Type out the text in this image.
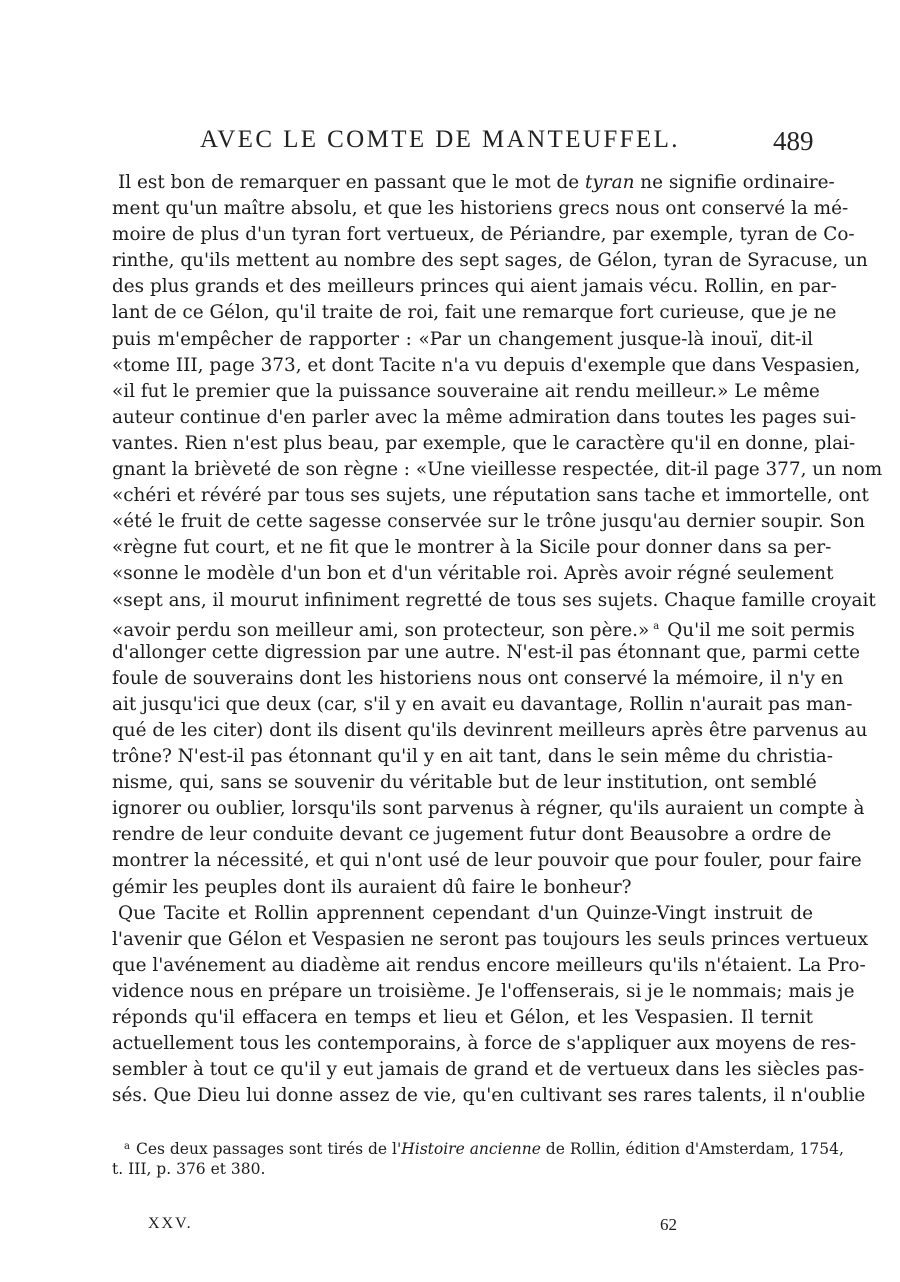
AVEC LE COMTE DE MANTEUFFEL.	489
Il est bon de remarquer en passant que le mot de tyran ne signifie ordinaire-
ment qu'un maître absolu, et que les historiens grecs nous ont conservé la mé-
moire de plus d'un tyran fort vertueux, de Périandre, par exemple, tyran de Co-
rinthe, qu'ils mettent au nombre des sept sages, de Gélon, tyran de Syracuse, un
des plus grands et des meilleurs princes qui aient jamais vécu. Rollin, en par-
lant de ce Gélon, qu'il traite de roi, fait une remarque fort curieuse, que je ne
puis m'empêcher de rapporter : «Par un changement jusque-là inouï, dit-il
«tome III, page 373, et dont Tacite n'a vu depuis d'exemple que dans Vespasien,
«il fut le premier que la puissance souveraine ait rendu meilleur.» Le même
auteur continue d'en parler avec la même admiration dans toutes les pages sui-
vantes. Rien n'est plus beau, par exemple, que le caractère qu'il en donne, plai-
gnant la brièveté de son règne : «Une vieillesse respectée, dit-il page 377, un nom
«chéri et révéré par tous ses sujets, une réputation sans tache et immortelle, ont
«été le fruit de cette sagesse conservée sur le trône jusqu'au dernier soupir. Son
«règne fut court, et ne fit que le montrer à la Sicile pour donner dans sa per-
«sonne le modèle d'un bon et d'un véritable roi. Après avoir régné seulement
«sept ans, il mourut infiniment regretté de tous ses sujets. Chaque famille croyait
«avoir perdu son meilleur ami, son protecteur, son père.» $^a$ Qu'il me soit permis
d'allonger cette digression par une autre. N'est-il pas étonnant que, parmi cette
foule de souverains dont les historiens nous ont conservé la mémoire, il n'y en
ait jusqu'ici que deux (car, s'il y en avait eu davantage, Rollin n'aurait pas man-
qué de les citer) dont ils disent qu'ils devinrent meilleurs après être parvenus au
trône? N'est-il pas étonnant qu'il y en ait tant, dans le sein même du christia-
nisme, qui, sans se souvenir du véritable but de leur institution, ont semblé
ignorer ou oublier, lorsqu'ils sont parvenus à régner, qu'ils auraient un compte à
rendre de leur conduite devant ce jugement futur dont Beausobre a ordre de
montrer la nécessité, et qui n'ont usé de leur pouvoir que pour fouler, pour faire
gémir les peuples dont ils auraient dû faire le bonheur?
Que Tacite et Rollin apprennent cependant d'un Quinze-Vingt instruit de
l'avenir que Gélon et Vespasien ne seront pas toujours les seuls princes vertueux
que l'avénement au diadème ait rendus encore meilleurs qu'ils n'étaient. La Pro-
vidence nous en prépare un troisième. Je l'offenserais, si je le nommais; mais je
réponds qu'il effacera en temps et lieu et Gélon, et les Vespasien. Il ternit
actuellement tous les contemporains, à force de s'appliquer aux moyens de res-
sembler à tout ce qu'il y eut jamais de grand et de vertueux dans les siècles pas-
sés. Que Dieu lui donne assez de vie, qu'en cultivant ses rares talents, il n'oublie
$^a$ Ces deux passages sont tirés de l'Histoire ancienne de Rollin, édition d'Amsterdam, 1754,
t. III, p. 376 et 380.
XXV.	62
